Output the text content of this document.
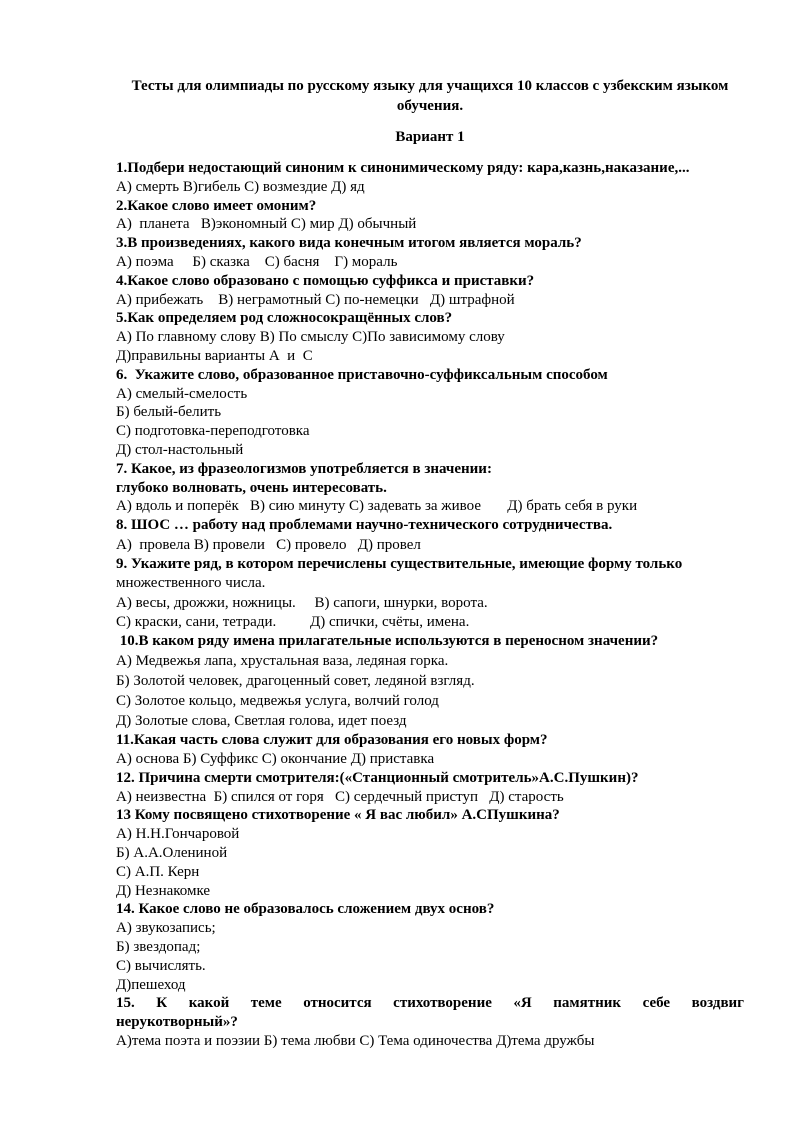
Тесты для олимпиады по русскому языку для учащихся 10 классов с узбекским языком обучения.
Вариант 1
1.Подбери недостающий синоним к синонимическому ряду: кара,казнь,наказание,...
А) смерть В)гибель С) возмездие Д) яд
2.Какое слово имеет омоним?
А)  планета   В)экономный С) мир Д) обычный
3.В произведениях, какого вида конечным итогом является мораль?
А) поэма     Б) сказка    С) басня    Г) мораль
4.Какое слово образовано с помощью суффикса и приставки?
А) прибежать    В) неграмотный С) по-немецки   Д) штрафной
5.Как определяем род сложносокращённых слов?
А) По главному слову В) По смыслу С)По зависимому слову
Д)правильны варианты А  и  С
6.  Укажите слово, образованное приставочно-суффиксальным способом
А) смелый-смелость
Б) белый-белить
С) подготовка-переподготовка
Д) стол-настольный
7. Какое, из фразеологизмов употребляется в значении:
глубоко волновать, очень интересовать.
А) вдоль и поперёк   В) сию минуту С) задевать за живое       Д) брать себя в руки
8. ШОС … работу над проблемами научно-технического сотрудничества.
А)  провела В) провели   С) провело   Д) провел
9. Укажите ряд, в котором перечислены существительные, имеющие форму только
множественного числа.
А) весы, дрожжи, ножницы.     В) сапоги, шнурки, ворота.
С) краски, сани, тетради.         Д) спички, счёты, имена.
10.В каком ряду имена прилагательные используются в переносном значении?
А) Медвежья лапа, хрустальная ваза, ледяная горка.
Б) Золотой человек, драгоценный совет, ледяной взгляд.
С) Золотое кольцо, медвежья услуга, волчий голод
Д) Золотые слова, Светлая голова, идет поезд
11.Какая часть слова служит для образования его новых форм?
А) основа Б) Суффикс С) окончание Д) приставка
12. Причина смерти смотрителя:(«Станционный смотритель»А.С.Пушкин)?
А) неизвестна  Б) спился от горя   С) сердечный приступ   Д) старость
13 Кому посвящено стихотворение « Я вас любил» А.СПушкина?
А) Н.Н.Гончаровой
Б) А.А.Олениной
С) А.П. Керн
Д) Незнакомке
14. Какое слово не образовалось сложением двух основ?
А) звукозапись;
Б) звездопад;
С) вычислять.
Д)пешеход
15. К какой теме относится стихотворение «Я памятник себе воздвиг
нерукотворный»?
А)тема поэта и поэзии Б) тема любви С) Тема одиночества Д)тема дружбы
